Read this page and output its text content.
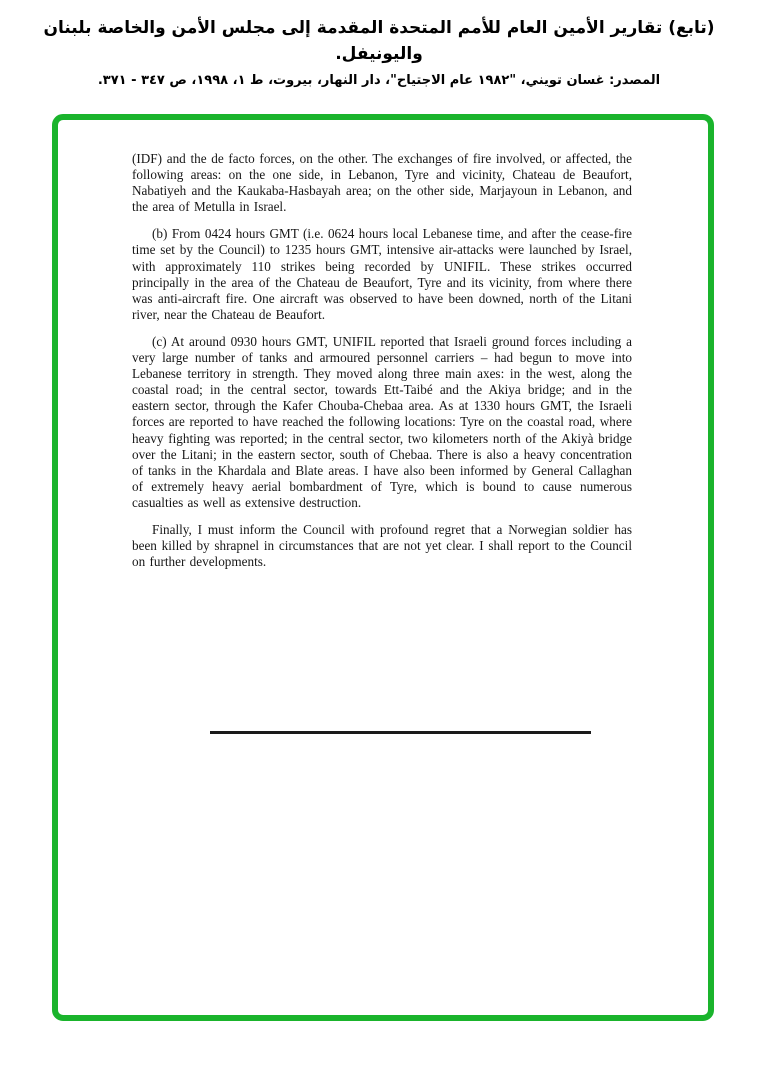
(تابع) تقارير الأمين العام للأمم المتحدة المقدمة إلى مجلس الأمن والخاصة بلبنان واليونيفل.
المصدر: غسان تويني، "١٩٨٢ عام الاجتياح"، دار النهار، بيروت، ط ١، ١٩٩٨، ص ٣٤٧ - ٣٧١.

(IDF) and the de facto forces, on the other. The exchanges of fire involved, or affected, the following areas: on the one side, in Lebanon, Tyre and vicinity, Chateau de Beaufort, Nabatiyeh and the Kaukaba-Hasbayah area; on the other side, Marjayoun in Lebanon, and the area of Metulla in Israel.

(b) From 0424 hours GMT (i.e. 0624 hours local Lebanese time, and after the cease-fire time set by the Council) to 1235 hours GMT, intensive air-attacks were launched by Israel, with approximately 110 strikes being recorded by UNIFIL. These strikes occurred principally in the area of the Chateau de Beaufort, Tyre and its vicinity, from where there was anti-aircraft fire. One aircraft was observed to have been downed, north of the Litani river, near the Chateau de Beaufort.

(c) At around 0930 hours GMT, UNIFIL reported that Israeli ground forces including a very large number of tanks and armoured personnel carriers – had begun to move into Lebanese territory in strength. They moved along three main axes: in the west, along the coastal road; in the central sector, towards Ett-Taibé and the Akiya bridge; and in the eastern sector, through the Kafer Chouba-Chebaa area. As at 1330 hours GMT, the Israeli forces are reported to have reached the following locations: Tyre on the coastal road, where heavy fighting was reported; in the central sector, two kilometers north of the Akiyà bridge over the Litani; in the eastern sector, south of Chebaa. There is also a heavy concentration of tanks in the Khardala and Blate areas. I have also been informed by General Callaghan of extremely heavy aerial bombardment of Tyre, which is bound to cause numerous casualties as well as extensive destruction.

Finally, I must inform the Council with profound regret that a Norwegian soldier has been killed by shrapnel in circumstances that are not yet clear. I shall report to the Council on further developments.
